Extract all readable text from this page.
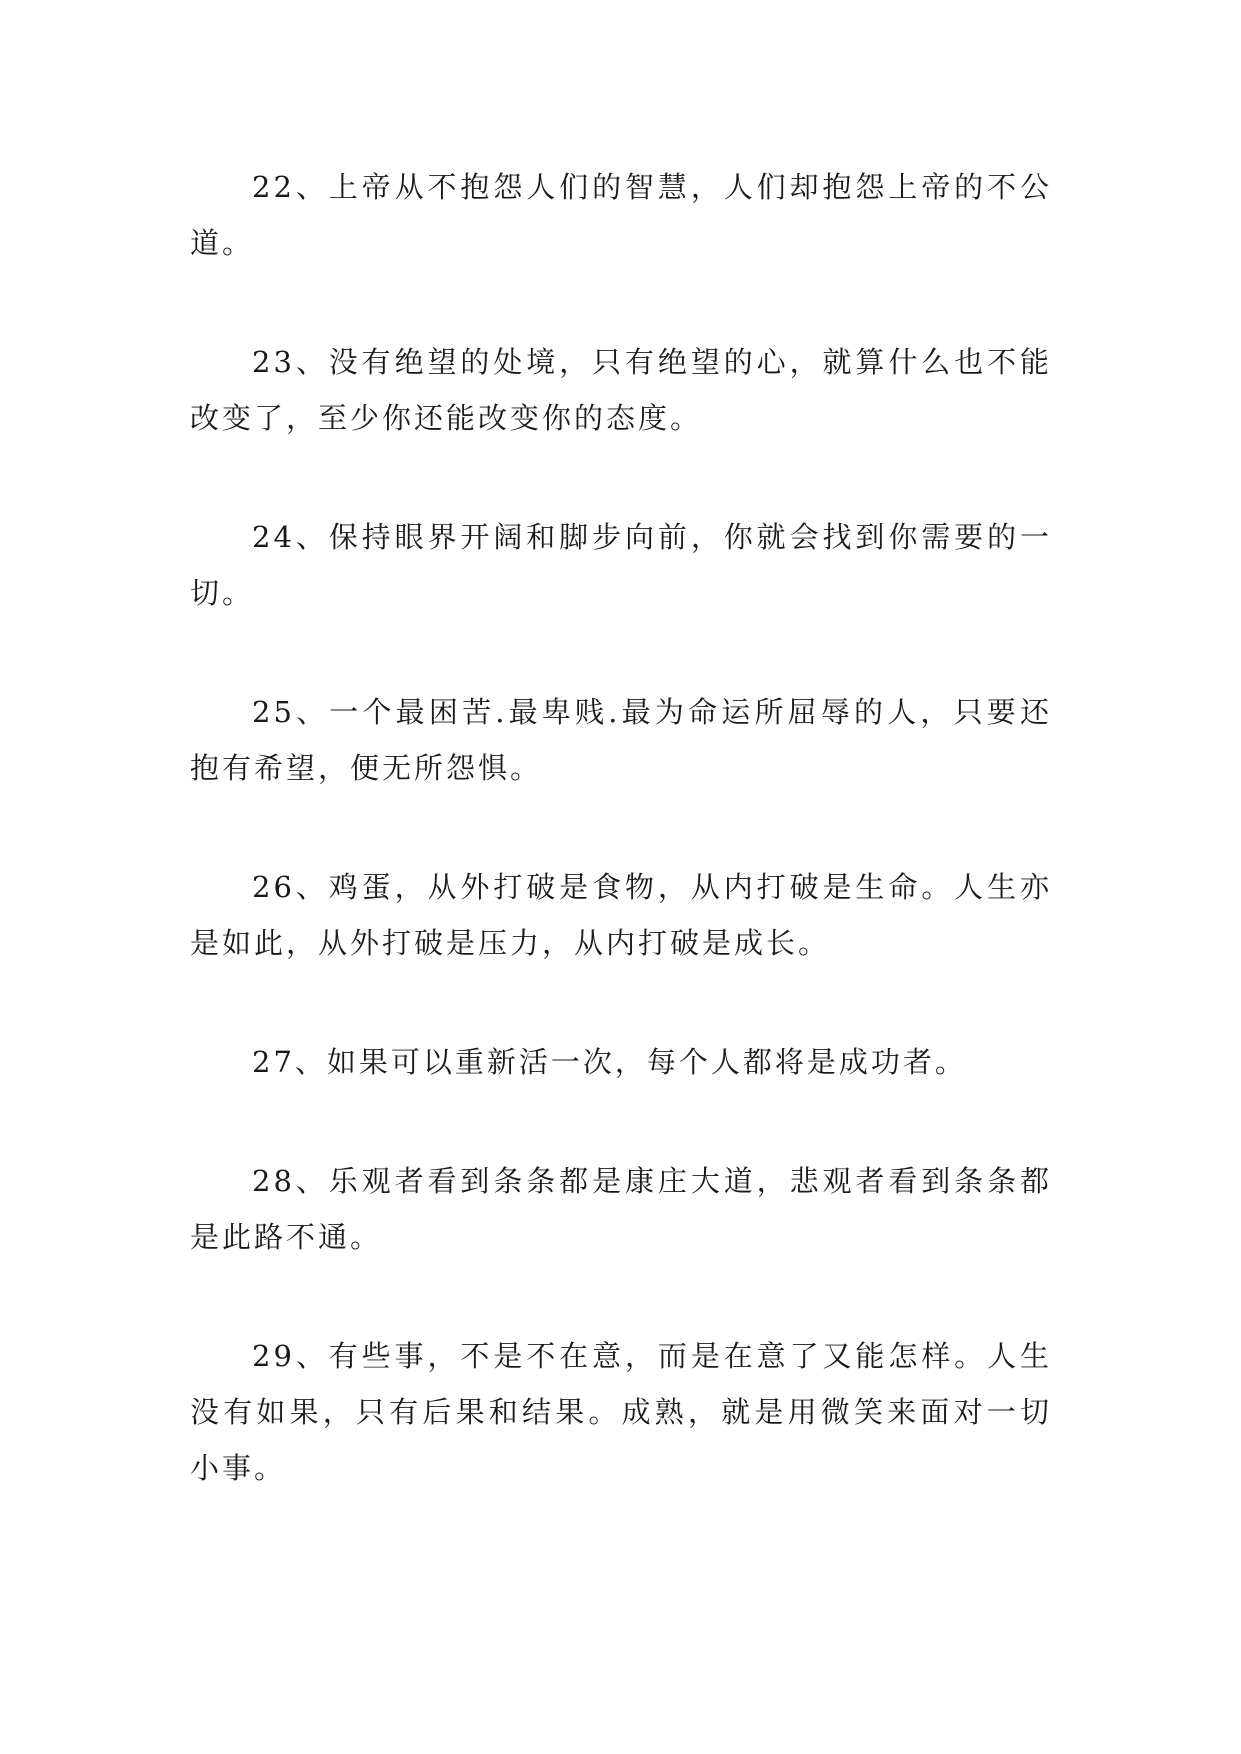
22、上帝从不抱怨人们的智慧，人们却抱怨上帝的不公道。

23、没有绝望的处境，只有绝望的心，就算什么也不能改变了，至少你还能改变你的态度。

24、保持眼界开阔和脚步向前，你就会找到你需要的一切。

25、一个最困苦.最卑贱.最为命运所屈辱的人，只要还抱有希望，便无所怨惧。

26、鸡蛋，从外打破是食物，从内打破是生命。人生亦是如此，从外打破是压力，从内打破是成长。

27、如果可以重新活一次，每个人都将是成功者。

28、乐观者看到条条都是康庄大道，悲观者看到条条都是此路不通。

29、有些事，不是不在意，而是在意了又能怎样。人生没有如果，只有后果和结果。成熟，就是用微笑来面对一切小事。
